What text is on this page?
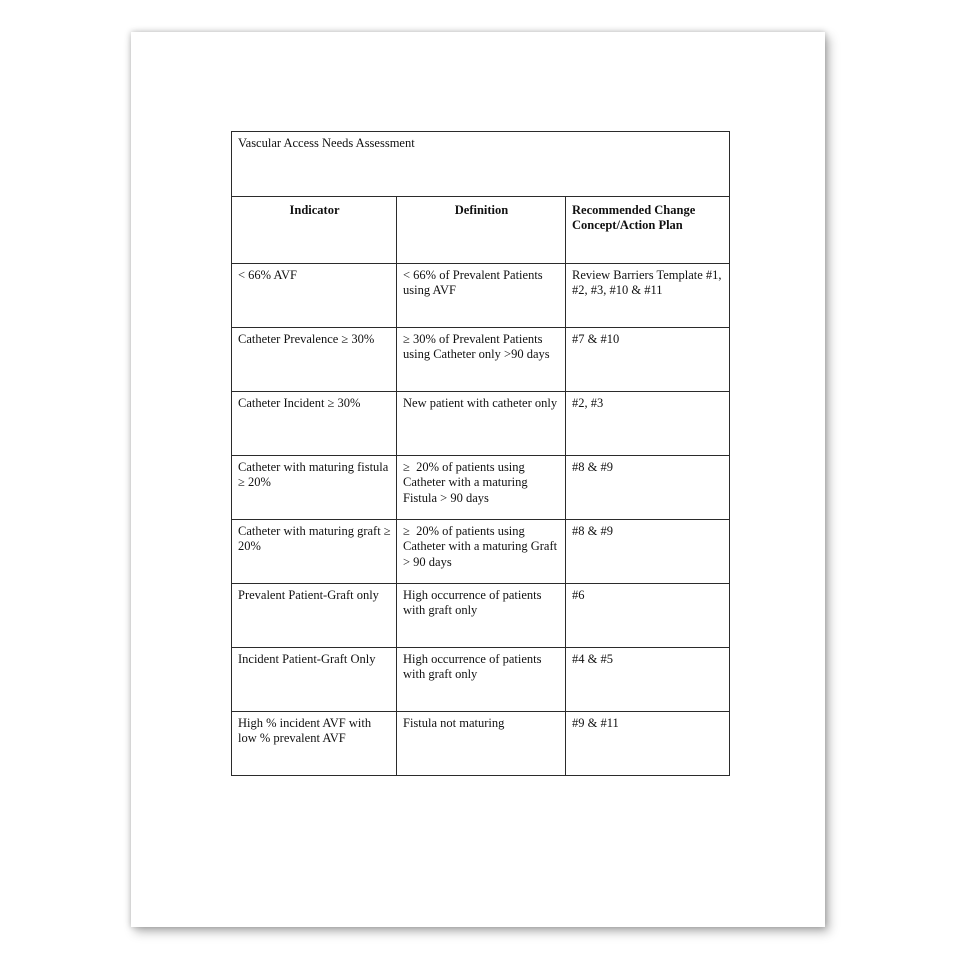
Vascular Access Needs Assessment		
Indicator	Definition	Recommended Change Concept/Action Plan
< 66% AVF	< 66% of Prevalent Patients using AVF	Review Barriers Template #1, #2, #3, #10 & #11
Catheter Prevalence ≥ 30%	≥ 30% of Prevalent Patients using Catheter only >90 days	#7 & #10
Catheter Incident ≥ 30%	New patient with catheter only	#2, #3
Catheter with maturing fistula ≥ 20%	≥  20% of patients using Catheter with a maturing Fistula > 90 days	#8 & #9
Catheter with maturing graft ≥ 20%	≥  20% of patients using Catheter with a maturing Graft > 90 days	#8 & #9
Prevalent Patient-Graft only	High occurrence of patients with graft only	#6
Incident Patient-Graft Only	High occurrence of patients with graft only	#4 & #5
High % incident AVF with low % prevalent AVF	Fistula not maturing	#9 & #11
